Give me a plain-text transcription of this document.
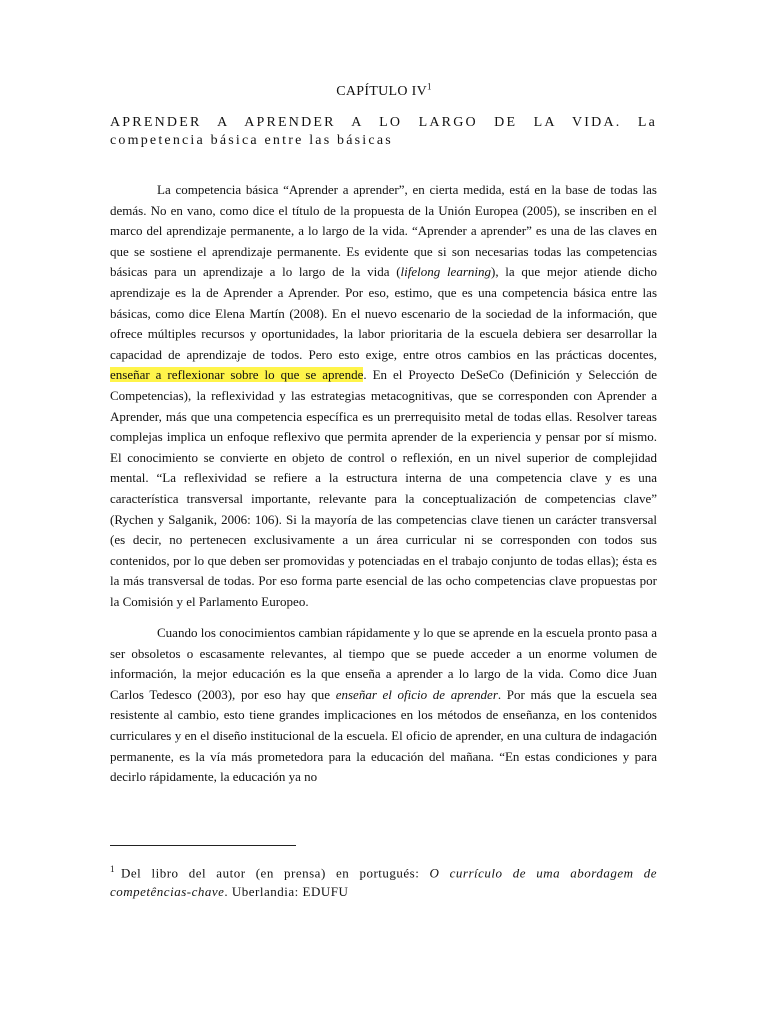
CAPÍTULO $IV^1$
APRENDER A APRENDER A LO LARGO DE LA VIDA. La
competencia básica entre las básicas

La competencia básica “Aprender a aprender”, en cierta medida, está en la base de todas las demás. No en vano, como dice el título de la propuesta de la Unión Europea (2005), se inscriben en el marco del aprendizaje permanente, a lo largo de la vida. “Aprender a aprender” es una de las claves en que se sostiene el aprendizaje permanente. Es evidente que si son necesarias todas las competencias básicas para un aprendizaje a lo largo de la vida (lifelong learning), la que mejor atiende dicho aprendizaje es la de Aprender a Aprender. Por eso, estimo, que es una competencia básica entre las básicas, como dice Elena Martín (2008). En el nuevo escenario de la sociedad de la información, que ofrece múltiples recursos y oportunidades, la labor prioritaria de la escuela debiera ser desarrollar la capacidad de aprendizaje de todos. Pero esto exige, entre otros cambios en las prácticas docentes, enseñar a reflexionar sobre lo que se aprende. En el Proyecto DeSeCo (Definición y Selección de Competencias), la reflexividad y las estrategias metacognitivas, que se corresponden con Aprender a Aprender, más que una competencia específica es un prerrequisito metal de todas ellas. Resolver tareas complejas implica un enfoque reflexivo que permita aprender de la experiencia y pensar por sí mismo. El conocimiento se convierte en objeto de control o reflexión, en un nivel superior de complejidad mental. “La reflexividad se refiere a la estructura interna de una competencia clave y es una característica transversal importante, relevante para la conceptualización de competencias clave” (Rychen y Salganik, 2006: 106). Si la mayoría de las competencias clave tienen un carácter transversal (es decir, no pertenecen exclusivamente a un área curricular ni se corresponden con todos sus contenidos, por lo que deben ser promovidas y potenciadas en el trabajo conjunto de todas ellas); ésta es la más transversal de todas. Por eso forma parte esencial de las ocho competencias clave propuestas por la Comisión y el Parlamento Europeo.

Cuando los conocimientos cambian rápidamente y lo que se aprende en la escuela pronto pasa a ser obsoletos o escasamente relevantes, al tiempo que se puede acceder a un enorme volumen de información, la mejor educación es la que enseña a aprender a lo largo de la vida. Como dice Juan Carlos Tedesco (2003), por eso hay que enseñar el oficio de aprender. Por más que la escuela sea resistente al cambio, esto tiene grandes implicaciones en los métodos de enseñanza, en los contenidos curriculares y en el diseño institucional de la escuela. El oficio de aprender, en una cultura de indagación permanente, es la vía más prometedora para la educación del mañana. “En estas condiciones y para decirlo rápidamente, la educación ya no

$^1$ Del libro del autor (en prensa) en portugués: O currículo de uma abordagem de competências-chave. Uberlandia: EDUFU
